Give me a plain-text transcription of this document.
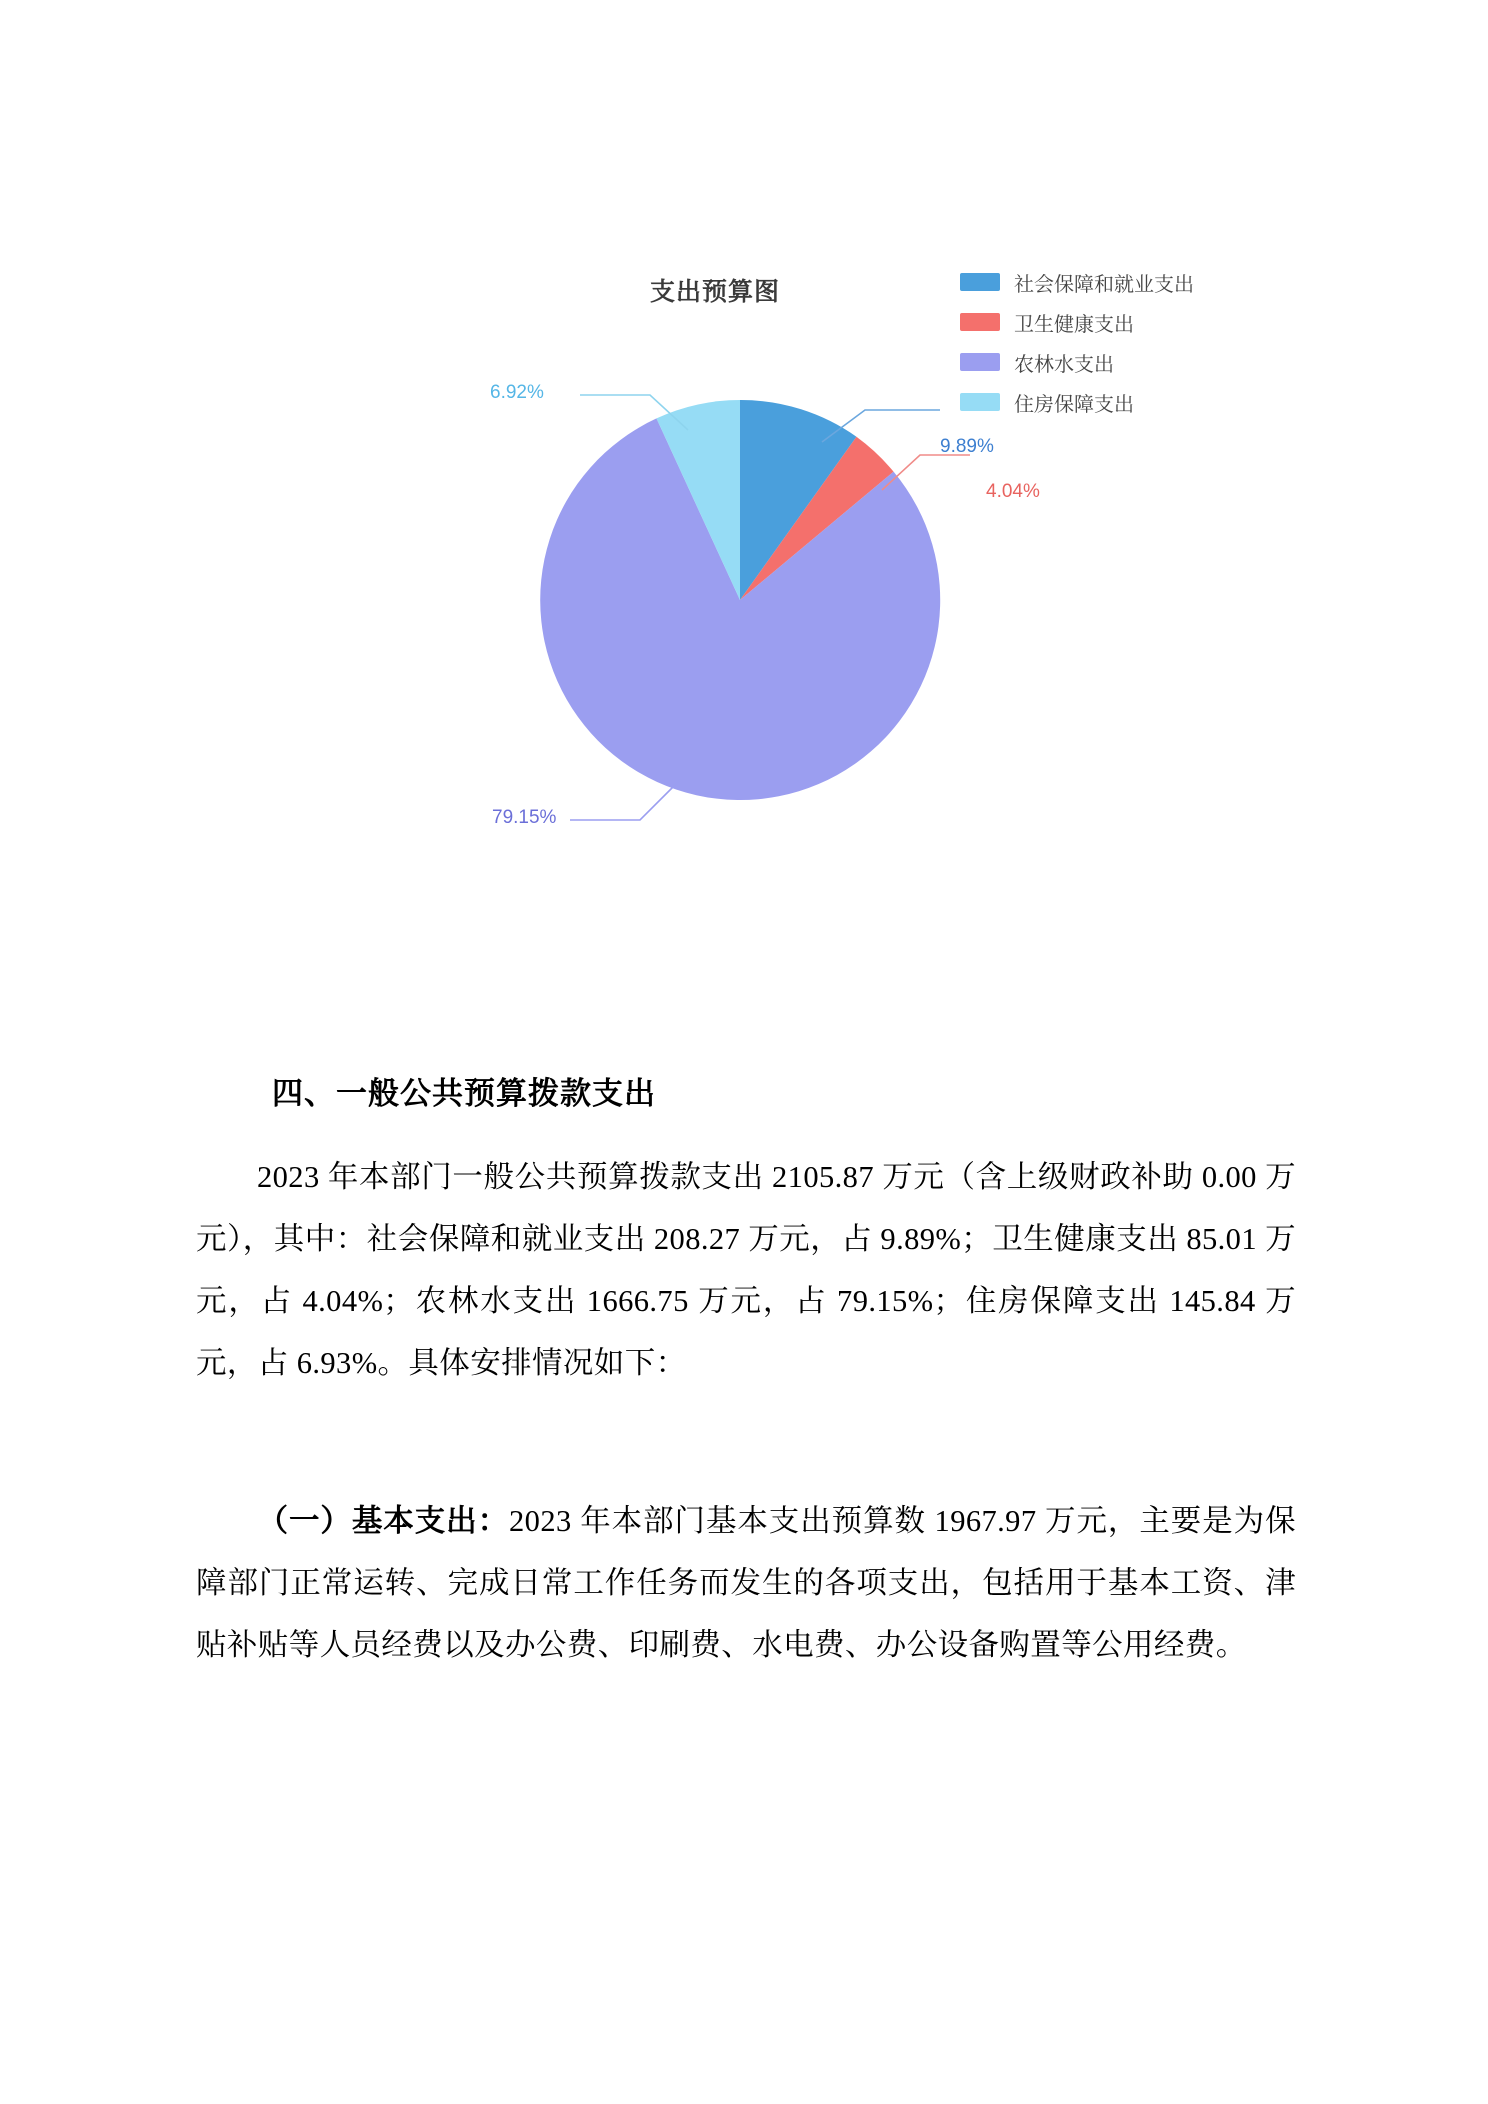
支出预算图	社会保障和就业支出
卫生健康支出
农林水支出
住房保障支出
9.89%
4.04%
79.15%
6.92%
四、一般公共预算拨款支出
2023 年本部门一般公共预算拨款支出 2105.87 万元（含上级财政补助 0.00 万元），其中：社会保障和就业支出 208.27 万元，占 9.89%；卫生健康支出 85.01 万元，占 4.04%；农林水支出 1666.75 万元，占 79.15%；住房保障支出 145.84 万元，占 6.93%。具体安排情况如下：
（一）基本支出：2023 年本部门基本支出预算数 1967.97 万元，主要是为保障部门正常运转、完成日常工作任务而发生的各项支出，包括用于基本工资、津贴补贴等人员经费以及办公费、印刷费、水电费、办公设备购置等公用经费。
